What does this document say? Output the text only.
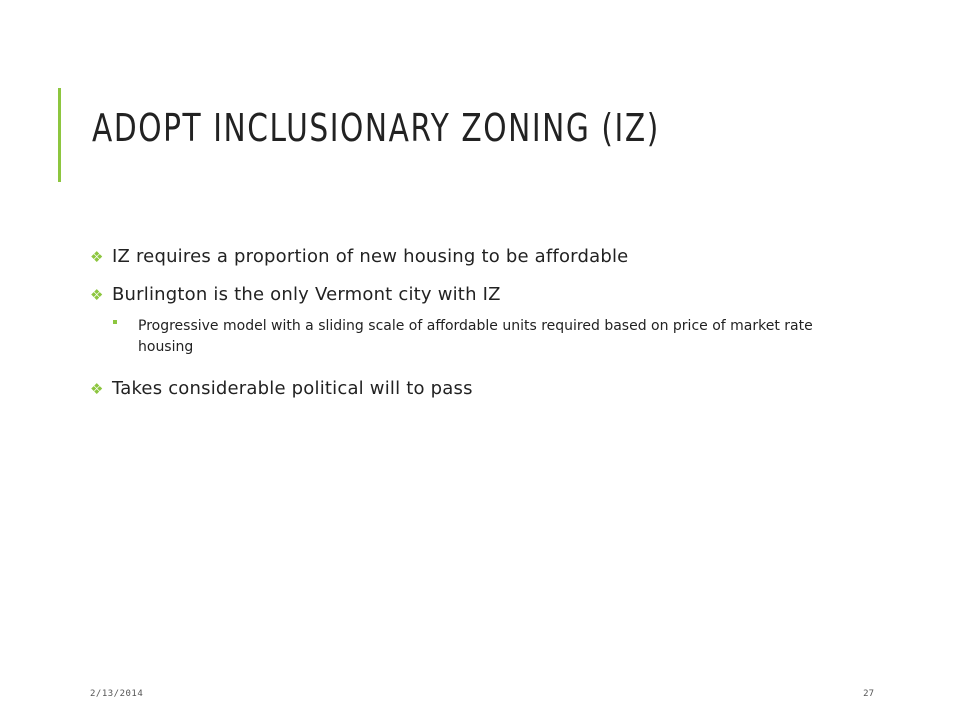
ADOPT INCLUSIONARY ZONING (IZ)
❖ IZ requires a proportion of new housing to be affordable
❖ Burlington is the only Vermont city with IZ
Progressive model with a sliding scale of affordable units required based on price of market rate housing
❖ Takes considerable political will to pass
2/13/2014	27
